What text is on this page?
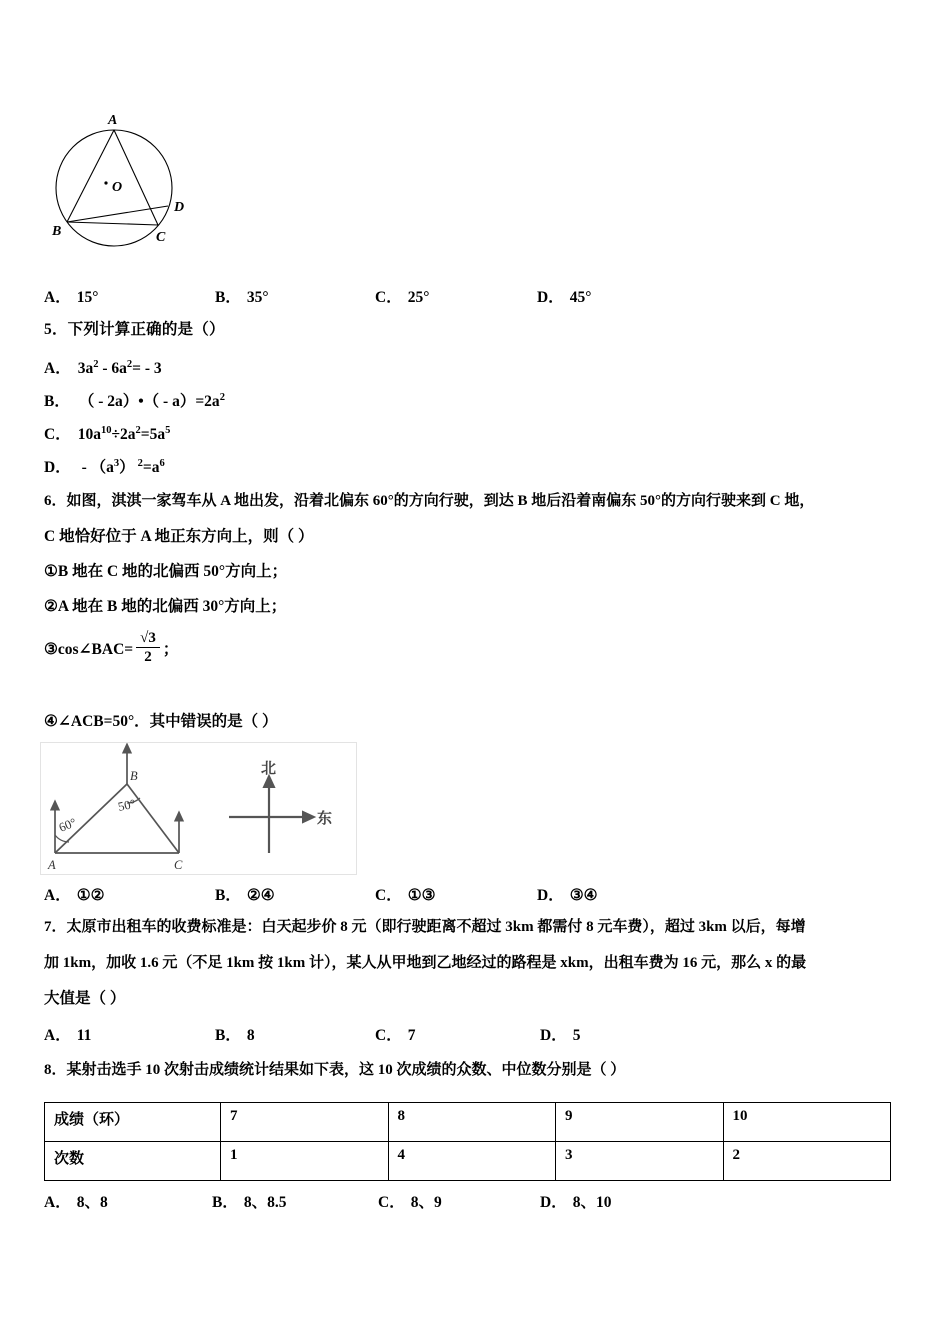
A
B	C
D
O
A． 15°	B． 35°	C． 25°	D． 45°
5．下列计算正确的是（）
A． $3a^2 - 6a^2= - 3$
B． （ - 2a）•（ - $a)=2a^2$
C． $10a^{10}\div 2a^2=5a^5$
D． - $(a^3)$ $^2=a^6$
6．如图，淇淇一家驾车从 A 地出发，沿着北偏东 60°的方向行驶，到达 B 地后沿着南偏东 50°的方向行驶来到 C 地，
C 地恰好位于 A 地正东方向上，则（ ）
①B 地在 C 地的北偏西 50°方向上；
②A 地在 B 地的北偏西 30°方向上；
③cos∠BAC= $\frac{√3}{2}$ ；
④∠ACB=50°．其中错误的是（ ）
60°
50°
A
B
C
北
东
A． ①②	B． ②④	C． ①③	D． ③④
7．太原市出租车的收费标准是：白天起步价 8 元（即行驶距离不超过 3km 都需付 8 元车费），超过 3km 以后，每增
加 1km，加收 1.6 元（不足 1km 按 1km 计），某人从甲地到乙地经过的路程是 xkm，出租车费为 16 元，那么 x 的最
大值是（ ）
A． 11	B． 8	C． 7	D． 5
8．某射击选手 10 次射击成绩统计结果如下表，这 10 次成绩的众数、中位数分别是（ ）
成绩（环）	7	8	9	10
次数	1	4	3	2
A． 8、8	B． 8、8.5	C． 8、9	D． 8、10
